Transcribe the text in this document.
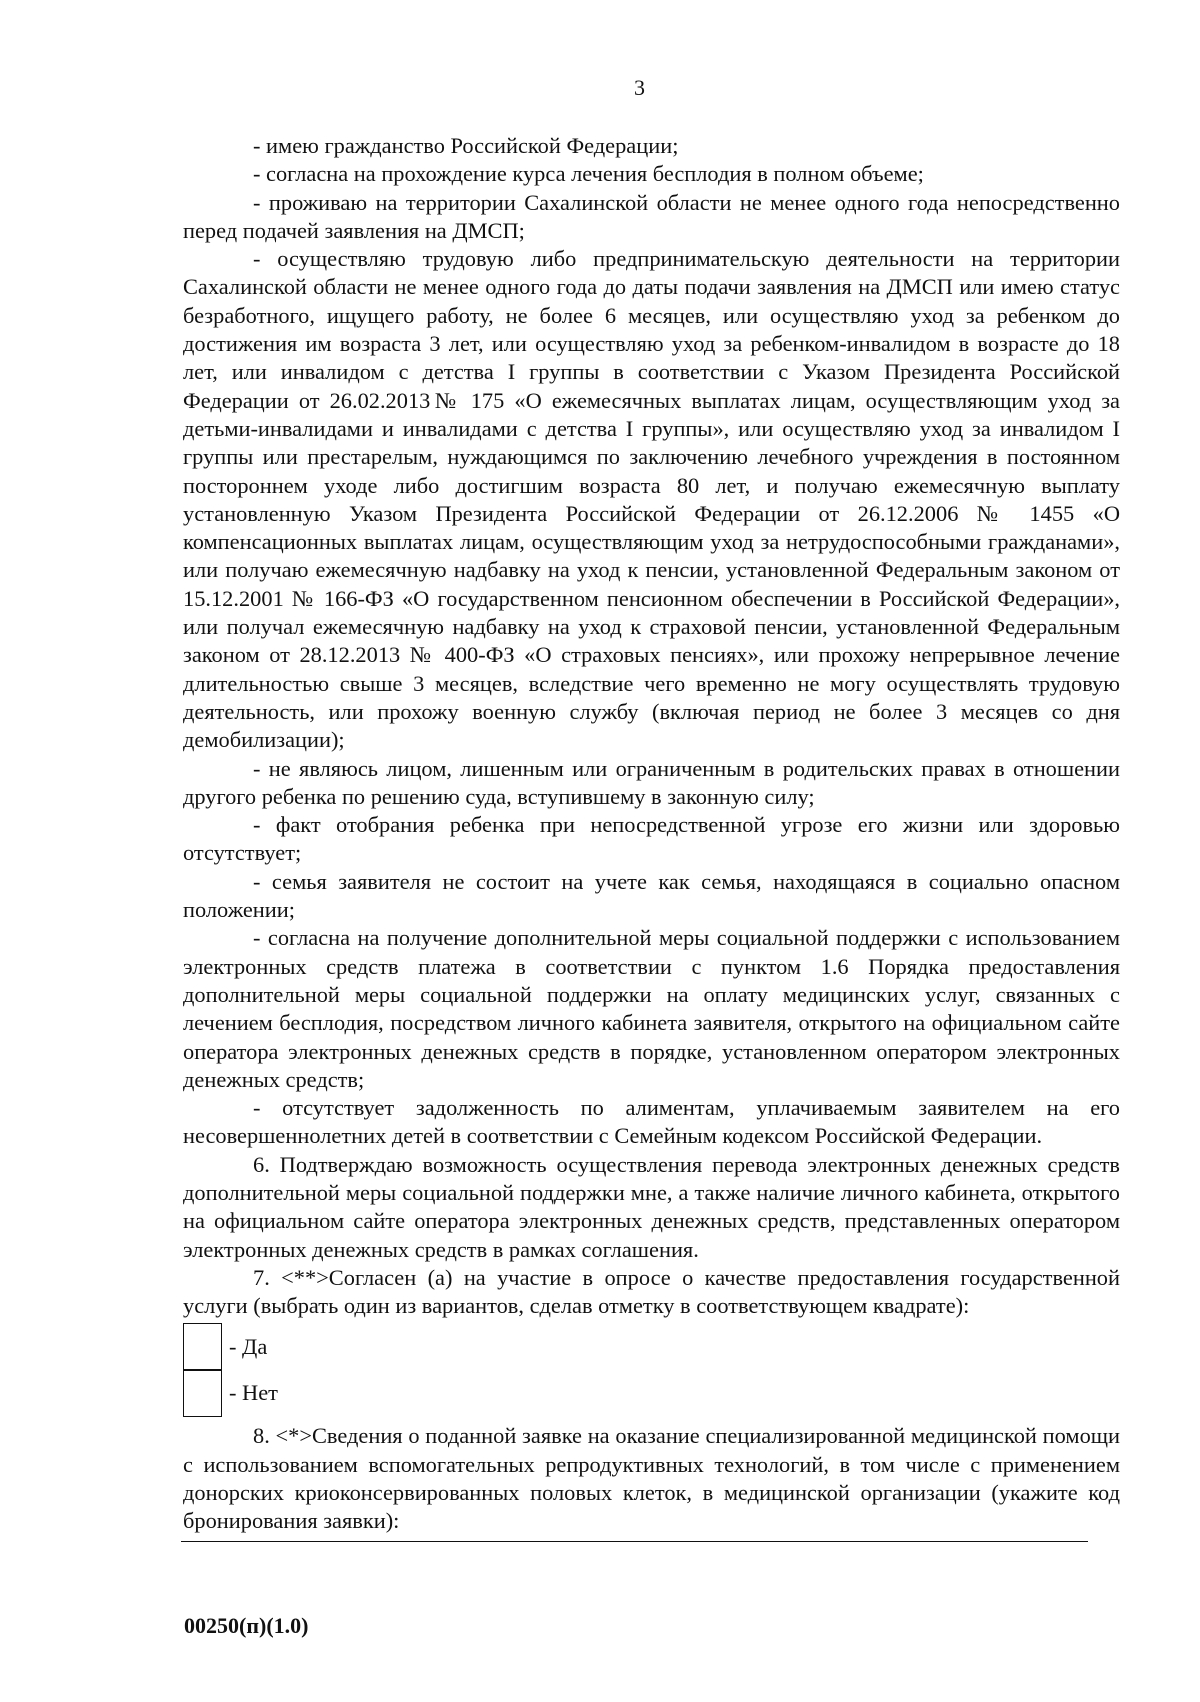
3

- имею гражданство Российской Федерации;

- согласна на прохождение курса лечения бесплодия в полном объеме;

- проживаю на территории Сахалинской области не менее одного года непосредственно перед подачей заявления на ДМСП;

- осуществляю трудовую либо предпринимательскую деятельности на территории Сахалинской области не менее одного года до даты подачи заявления на ДМСП или имею статус безработного, ищущего работу, не более 6 месяцев, или осуществляю уход за ребенком до достижения им возраста 3 лет, или осуществляю уход за ребенком-инвалидом в возрасте до 18 лет, или инвалидом с детства I группы в соответствии с Указом Президента Российской Федерации от 26.02.2013№ 175 «О ежемесячных выплатах лицам, осуществляющим уход за детьми-инвалидами и инвалидами с детства I группы», или осуществляю уход за инвалидом I группы или престарелым, нуждающимся по заключению лечебного учреждения в постоянном постороннем уходе либо достигшим возраста 80 лет, и получаю ежемесячную выплату установленную Указом Президента Российской Федерации от 26.12.2006 № 1455 «О компенсационных выплатах лицам, осуществляющим уход за нетрудоспособными гражданами», или получаю ежемесячную надбавку на уход к пенсии, установленной Федеральным законом от 15.12.2001 № 166-ФЗ «О государственном пенсионном обеспечении в Российской Федерации», или получал ежемесячную надбавку на уход к страховой пенсии, установленной Федеральным законом от 28.12.2013 № 400-ФЗ «О страховых пенсиях», или прохожу непрерывное лечение длительностью свыше 3 месяцев, вследствие чего временно не могу осуществлять трудовую деятельность, или прохожу военную службу (включая период не более 3 месяцев со дня демобилизации);

- не являюсь лицом, лишенным или ограниченным в родительских правах в отношении другого ребенка по решению суда, вступившему в законную силу;

- факт отобрания ребенка при непосредственной угрозе его жизни или здоровью отсутствует;

- семья заявителя не состоит на учете как семья, находящаяся в социально опасном положении;

- согласна на получение дополнительной меры социальной поддержки с использованием электронных средств платежа в соответствии с пунктом 1.6 Порядка предоставления дополнительной меры социальной поддержки на оплату медицинских услуг, связанных с лечением бесплодия, посредством личного кабинета заявителя, открытого на официальном сайте оператора электронных денежных средств в порядке, установленном оператором электронных денежных средств;

- отсутствует задолженность по алиментам, уплачиваемым заявителем на его несовершеннолетних детей в соответствии с Семейным кодексом Российской Федерации.

6. Подтверждаю возможность осуществления перевода электронных денежных средств дополнительной меры социальной поддержки мне, а также наличие личного кабинета, открытого на официальном сайте оператора электронных денежных средств, представленных оператором электронных денежных средств в рамках соглашения.

7. <**>Согласен (а) на участие в опросе о качестве предоставления государственной услуги (выбрать один из вариантов, сделав отметку в соответствующем квадрате):

- Да
- Нет

8. <*>Сведения о поданной заявке на оказание специализированной медицинской помощи с использованием вспомогательных репродуктивных технологий, в том числе с применением донорских криоконсервированных половых клеток, в медицинской организации (укажите код бронирования заявки):

00250(п)(1.0)
